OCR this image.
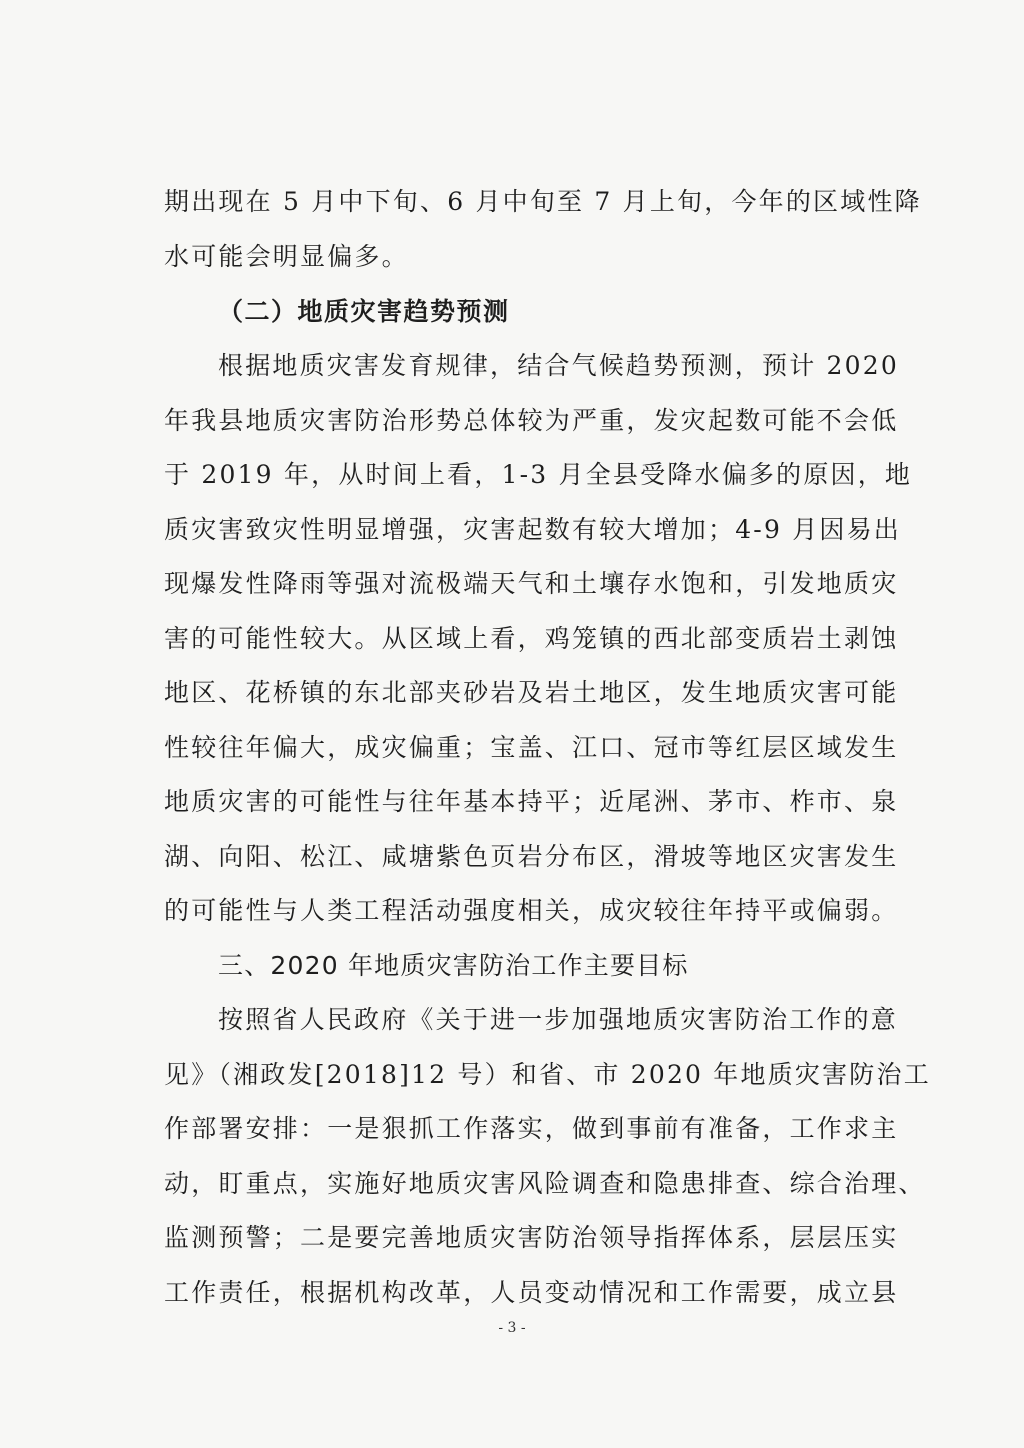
期出现在 5 月中下旬、6 月中旬至 7 月上旬，今年的区域性降
水可能会明显偏多。
（二）地质灾害趋势预测
根据地质灾害发育规律，结合气候趋势预测，预计 2020
年我县地质灾害防治形势总体较为严重，发灾起数可能不会低
于 2019 年，从时间上看，1-3 月全县受降水偏多的原因，地
质灾害致灾性明显增强，灾害起数有较大增加；4-9 月因易出
现爆发性降雨等强对流极端天气和土壤存水饱和，引发地质灾
害的可能性较大。从区域上看，鸡笼镇的西北部变质岩土剥蚀
地区、花桥镇的东北部夹砂岩及岩土地区，发生地质灾害可能
性较往年偏大，成灾偏重；宝盖、江口、冠市等红层区域发生
地质灾害的可能性与往年基本持平；近尾洲、茅市、柞市、泉
湖、向阳、松江、咸塘紫色页岩分布区，滑坡等地区灾害发生
的可能性与人类工程活动强度相关，成灾较往年持平或偏弱。
三、2020 年地质灾害防治工作主要目标
按照省人民政府《关于进一步加强地质灾害防治工作的意
见》（湘政发[2018]12 号）和省、市 2020 年地质灾害防治工
作部署安排：一是狠抓工作落实，做到事前有准备，工作求主
动，盯重点，实施好地质灾害风险调查和隐患排查、综合治理、
监测预警；二是要完善地质灾害防治领导指挥体系，层层压实
工作责任，根据机构改革，人员变动情况和工作需要，成立县
- 3 -
